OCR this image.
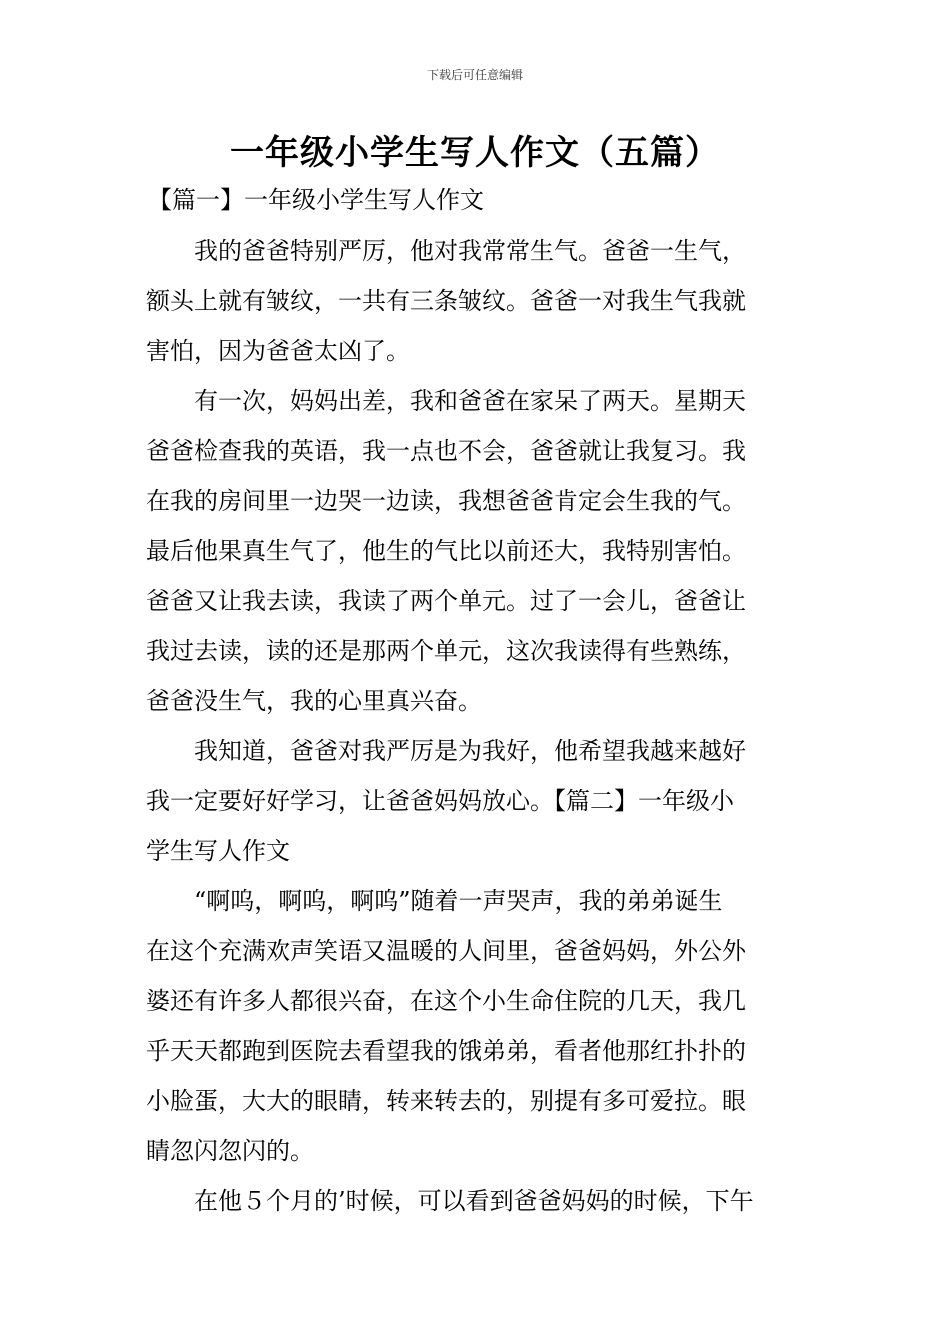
下载后可任意编辑
一年级小学生写人作文（五篇）
【篇一】一年级小学生写人作文
　　我的爸爸特别严厉，他对我常常生气。爸爸一生气，
额头上就有皱纹，一共有三条皱纹。爸爸一对我生气我就
害怕，因为爸爸太凶了。
　　有一次，妈妈出差，我和爸爸在家呆了两天。星期天
爸爸检查我的英语，我一点也不会，爸爸就让我复习。我
在我的房间里一边哭一边读，我想爸爸肯定会生我的气。
最后他果真生气了，他生的气比以前还大，我特别害怕。
爸爸又让我去读，我读了两个单元。过了一会儿，爸爸让
我过去读，读的还是那两个单元，这次我读得有些熟练，
爸爸没生气，我的心里真兴奋。
　　我知道，爸爸对我严厉是为我好，他希望我越来越好
我一定要好好学习，让爸爸妈妈放心。【篇二】一年级小
学生写人作文
　　“啊呜，啊呜，啊呜”随着一声哭声，我的弟弟诞生
在这个充满欢声笑语又温暖的人间里，爸爸妈妈，外公外
婆还有许多人都很兴奋，在这个小生命住院的几天，我几
乎天天都跑到医院去看望我的饿弟弟，看者他那红扑扑的
小脸蛋，大大的眼睛，转来转去的，别提有多可爱拉。眼
睛忽闪忽闪的。
　　在他５个月的’时候，可以看到爸爸妈妈的时候，下午
